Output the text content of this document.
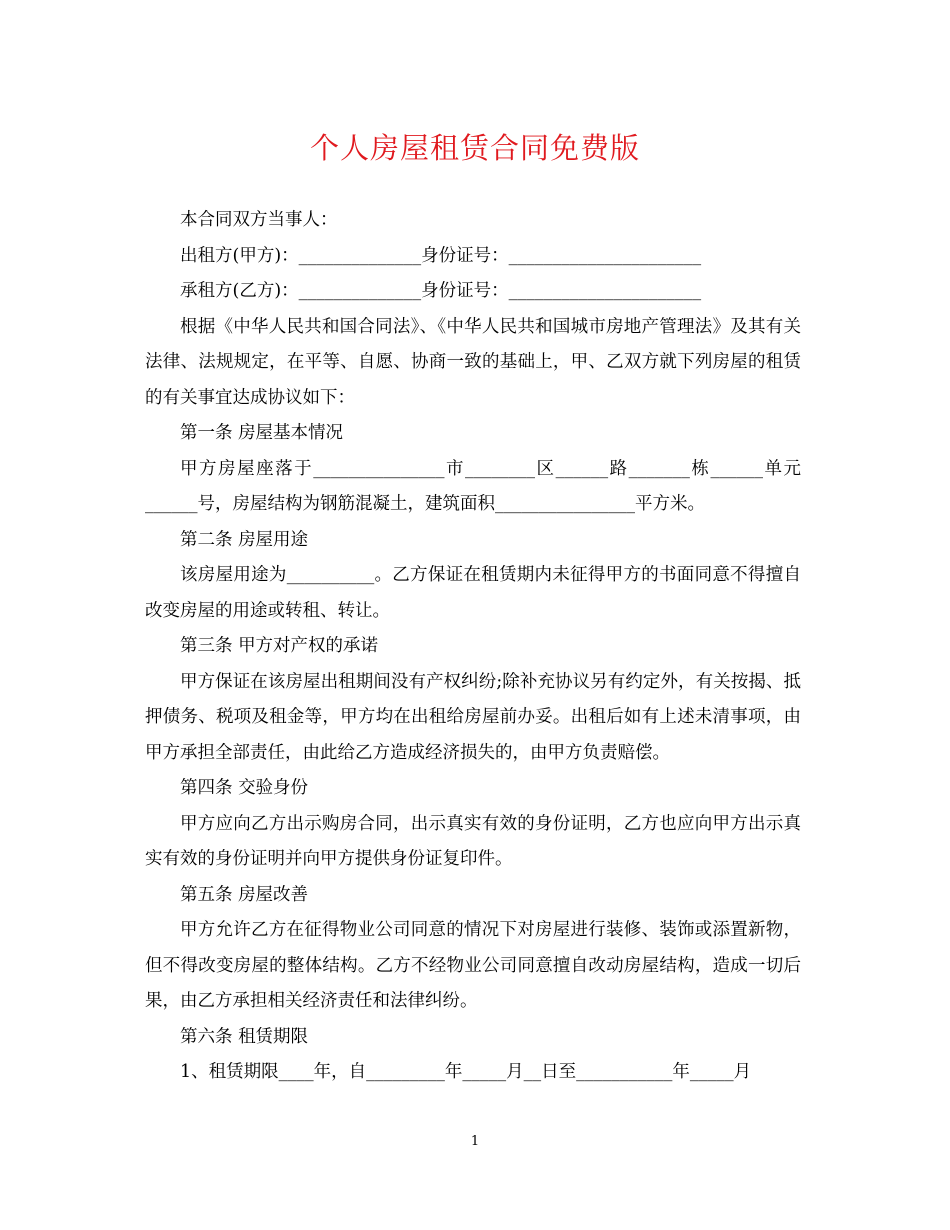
个人房屋租赁合同免费版

本合同双方当事人：

出租方(甲方)：______________身份证号：______________________

承租方(乙方)：______________身份证号：______________________

根据《中华人民共和国合同法》、《中华人民共和国城市房地产管理法》及其有关法律、法规规定，在平等、自愿、协商一致的基础上，甲、乙双方就下列房屋的租赁的有关事宜达成协议如下：

第一条 房屋基本情况

甲方房屋座落于_______________市________区______路_______栋______单元______号，房屋结构为钢筋混凝土，建筑面积________________平方米。

第二条 房屋用途

该房屋用途为__________。乙方保证在租赁期内未征得甲方的书面同意不得擅自改变房屋的用途或转租、转让。

第三条 甲方对产权的承诺

甲方保证在该房屋出租期间没有产权纠纷;除补充协议另有约定外，有关按揭、抵押债务、税项及租金等，甲方均在出租给房屋前办妥。出租后如有上述未清事项，由甲方承担全部责任，由此给乙方造成经济损失的，由甲方负责赔偿。

第四条 交验身份

甲方应向乙方出示购房合同，出示真实有效的身份证明，乙方也应向甲方出示真实有效的身份证明并向甲方提供身份证复印件。

第五条 房屋改善

甲方允许乙方在征得物业公司同意的情况下对房屋进行装修、装饰或添置新物，但不得改变房屋的整体结构。乙方不经物业公司同意擅自改动房屋结构，造成一切后果，由乙方承担相关经济责任和法律纠纷。

第六条 租赁期限

1、租赁期限____年，自_________年_____月__日至___________年_____月

1
